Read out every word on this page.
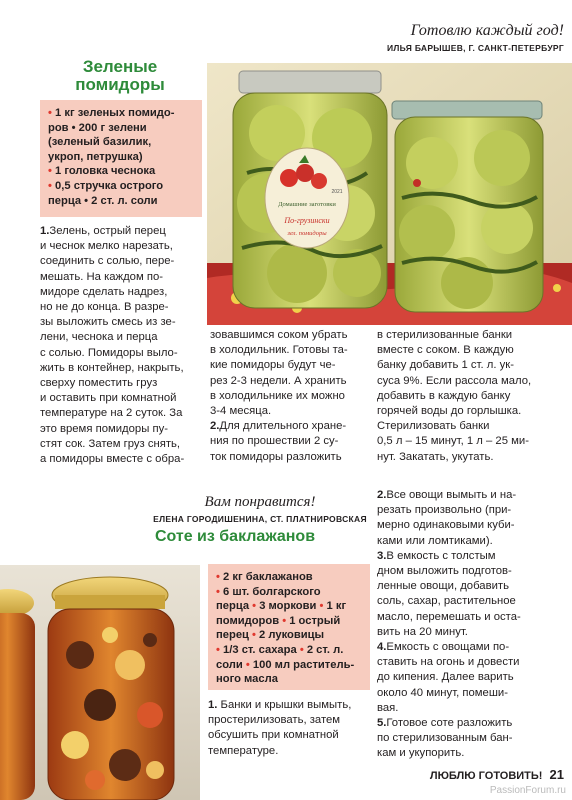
Готовлю каждый год!
ИЛЬЯ БАРЫШЕВ, Г. САНКТ-ПЕТЕРБУРГ
Зеленые
помидоры
• 1 кг зеленых помидо-
ров • 200 г зелени
(зеленый базилик,
укроп, петрушка)
• 1 головка чеснока
• 0,5 стручка острого
перца • 2 ст. л. соли	Домашние заготовки
По-грузински
зел. помидоры
2021
1.Зелень, острый перец
и чеснок мелко нарезать,
соединить с солью, пере-
мешать. На каждом по-
мидоре сделать надрез,
но не до конца. В разре-
зы выложить смесь из зе-
лени, чеснока и перца
с солью. Помидоры выло-
жить в контейнер, накрыть,
сверху поместить груз
и оставить при комнатной
температуре на 2 суток. За
это время помидоры пу-
стят сок. Затем груз снять,
а помидоры вместе с обра-
зовавшимся соком убрать
в холодильник. Готовы та-
кие помидоры будут че-
рез 2-3 недели. А хранить
в холодильнике их можно
3-4 месяца.
2.Для длительного хране-
ния по прошествии 2 су-
ток помидоры разложить
в стерилизованные банки
вместе с соком. В каждую
банку добавить 1 ст. л. ук-
суса 9%. Если рассола мало,
добавить в каждую банку
горячей воды до горлышка.
Стерилизовать банки
0,5 л – 15 минут, 1 л – 25 ми-
нут. Закатать, укутать.
Вам понравится!
ЕЛЕНА ГОРОДИШЕНИНА, СТ. ПЛАТНИРОВСКАЯ
Соте из баклажанов
• 2 кг баклажанов
• 6 шт. болгарского
перца • 3 моркови • 1 кг
помидоров • 1 острый
перец • 2 луковицы
• 1/3 ст. сахара • 2 ст. л.
соли • 100 мл раститель-
ного масла
1. Банки и крышки вымыть,
простерилизовать, затем
обсушить при комнатной
температуре.
2.Все овощи вымыть и на-
резать произвольно (при-
мерно одинаковыми куби-
ками или ломтиками).
3.В емкость с толстым
дном выложить подготов-
ленные овощи, добавить
соль, сахар, растительное
масло, перемешать и оста-
вить на 20 минут.
4.Емкость с овощами по-
ставить на огонь и довести
до кипения. Далее варить
около 40 минут, помеши-
вая.
5.Готовое соте разложить
по стерилизованным бан-
кам и укупорить.
ЛЮБЛЮ ГОТОВИТЬ! 21
PassionForum.ru
